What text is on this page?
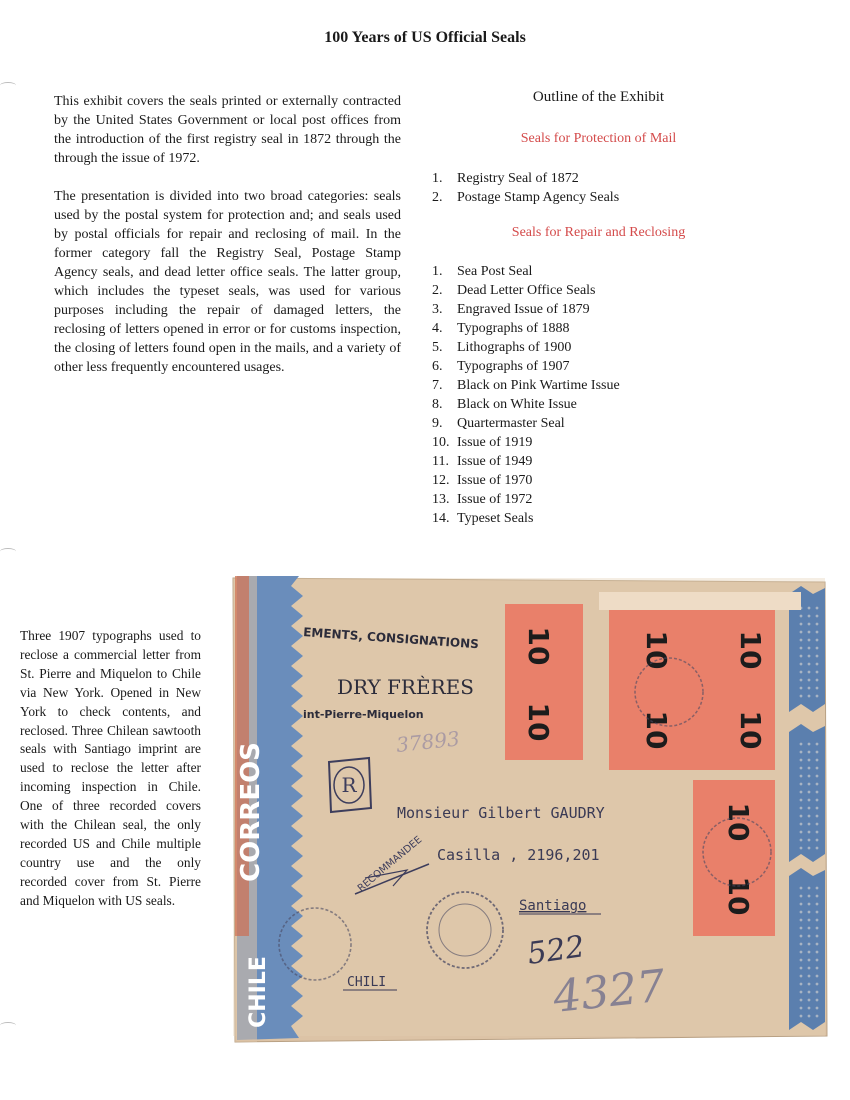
100 Years of US Official Seals

This exhibit covers the seals printed or externally contracted by the United States Government or local post offices from the introduction of the first registry seal in 1872 through the through the issue of 1972.

The presentation is divided into two broad categories: seals used by the postal system for protection and; and seals used by postal officials for repair and reclosing of mail. In the former category fall the Registry Seal, Postage Stamp Agency seals, and dead letter office seals. The latter group, which includes the typeset seals, was used for various purposes including the repair of damaged letters, the reclosing of letters opened in error or for customs inspection, the closing of letters found open in the mails, and a variety of other less frequently encountered usages.

Outline of the Exhibit
Seals for Protection of Mail
1.	Registry Seal of 1872
2.	Postage Stamp Agency Seals
Seals for Repair and Reclosing
1.	Sea Post Seal
2.	Dead Letter Office Seals
3.	Engraved Issue of 1879
4.	Typographs of 1888
5.	Lithographs of 1900
6.	Typographs of 1907
7.	Black on Pink Wartime Issue
8.	Black on White Issue
9.	Quartermaster Seal
10. Issue of 1919
11. Issue of 1949
12. Issue of 1970
13. Issue of 1972
14. Typeset Seals

Three 1907 typographs used to reclose a commercial letter from St. Pierre and Miquelon to Chile via New York. Opened in New York to check contents, and reclosed. Three Chilean sawtooth seals with Santiago imprint are used to reclose the letter after incoming inspection in Chile. One of three recorded covers with the Chilean seal, the only recorded US and Chile multiple country use and the only recorded cover from St. Pierre and Miquelon with US seals.

CORREOS
CHILE
EMENTS, CONSIGNATIONS
DRY FRÈRES
int-Pierre-Miquelon
37893
R
RECOMMANDEE
Monsieur Gilbert GAUDRY
Casilla , 2196,201
Santiago
CHILI
522
4327
10
10
10
10
10
10
10
10
